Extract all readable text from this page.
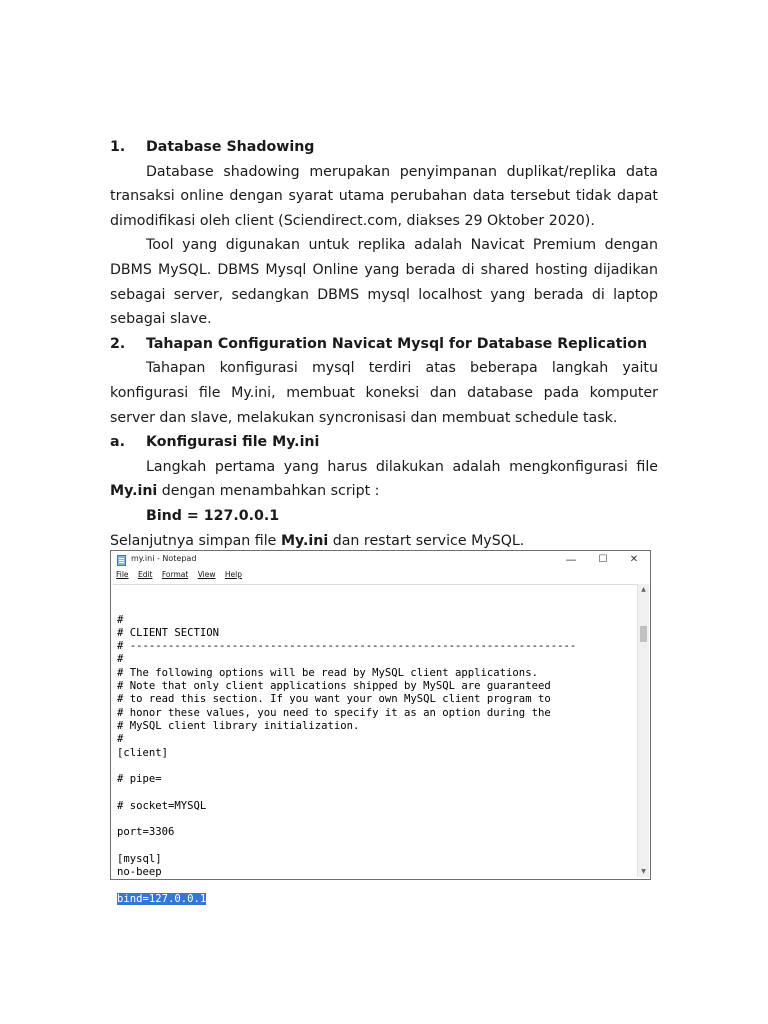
1. Database Shadowing
Database shadowing merupakan penyimpanan duplikat/replika data
transaksi online dengan syarat utama perubahan data tersebut tidak dapat
dimodifikasi oleh client (Sciendirect.com, diakses 29 Oktober 2020).
Tool yang digunakan untuk replika adalah Navicat Premium dengan
DBMS MySQL. DBMS Mysql Online yang berada di shared hosting dijadikan
sebagai server, sedangkan DBMS mysql localhost yang berada di laptop
sebagai slave.
2. Tahapan Configuration Navicat Mysql for Database Replication
Tahapan konfigurasi mysql terdiri atas beberapa langkah yaitu
konfigurasi file My.ini, membuat koneksi dan database pada komputer
server dan slave, melakukan syncronisasi dan membuat schedule task.
a. Konfigurasi file My.ini
Langkah pertama yang harus dilakukan adalah mengkonfigurasi file
My.ini dengan menambahkan script :
Bind = 127.0.0.1
Selanjutnya simpan file My.ini dan restart service MySQL.
my.ini - Notepad	—	☐	✕
File Edit Format View Help

#
# CLIENT SECTION
# ----------------------------------------------------------------------
#
# The following options will be read by MySQL client applications.
# Note that only client applications shipped by MySQL are guaranteed
# to read this section. If you want your own MySQL client program to
# honor these values, you need to specify it as an option during the
# MySQL client library initialization.
#
[client]

# pipe=

# socket=MYSQL

port=3306

[mysql]
no-beep

bind=127.0.0.1

▲
▼
